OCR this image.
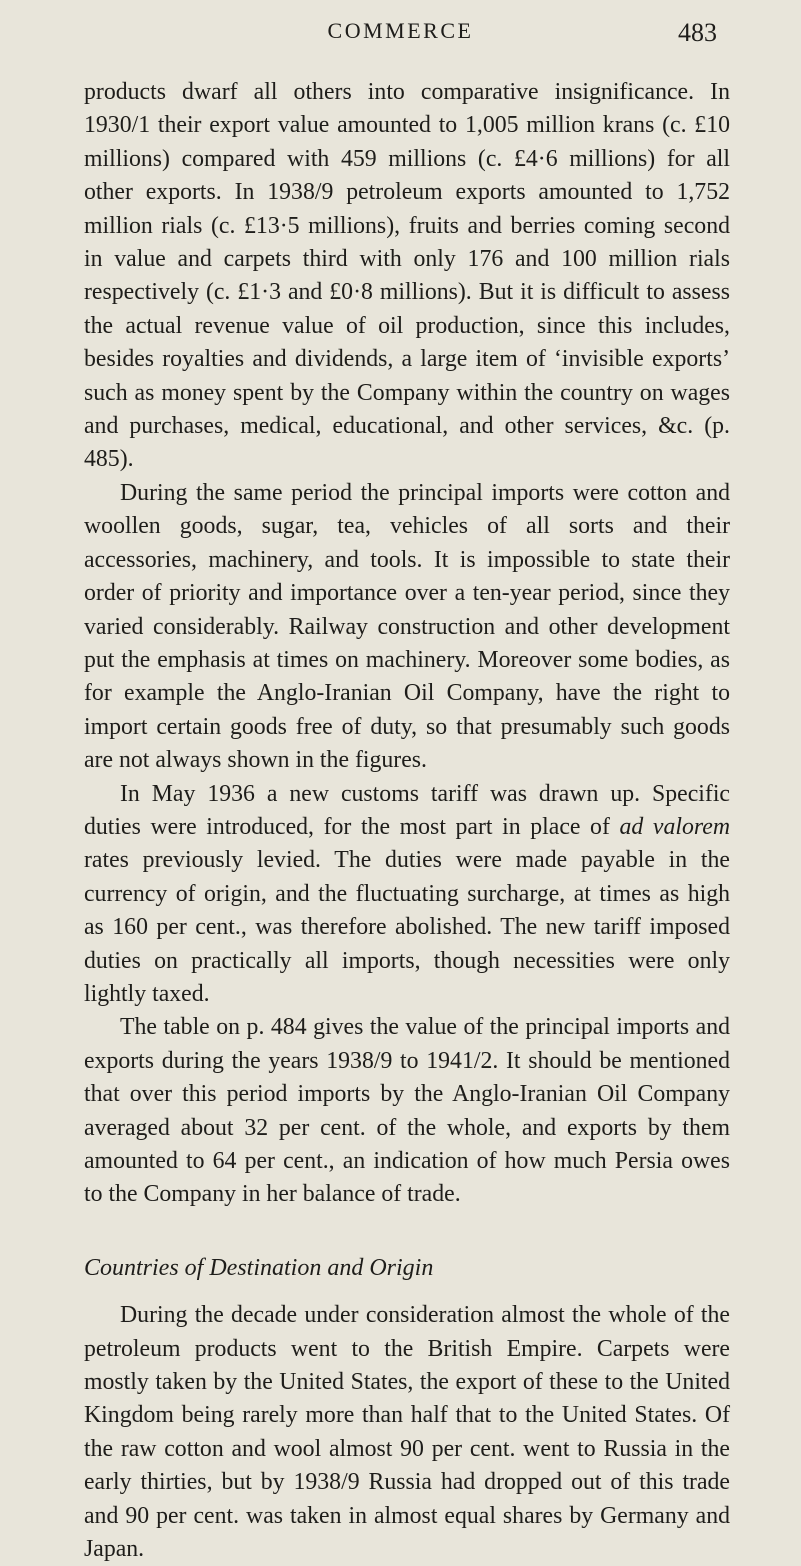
COMMERCE	483

products dwarf all others into comparative insignificance. In 1930/1 their export value amounted to 1,005 million krans (c. £10 millions) compared with 459 millions (c. £4·6 millions) for all other exports. In 1938/9 petroleum exports amounted to 1,752 million rials (c. £13·5 millions), fruits and berries coming second in value and carpets third with only 176 and 100 million rials respectively (c. £1·3 and £0·8 millions). But it is difficult to assess the actual revenue value of oil production, since this includes, besides royalties and dividends, a large item of ‘invisible exports’ such as money spent by the Company within the country on wages and purchases, medical, educational, and other services, &c. (p. 485).

During the same period the principal imports were cotton and woollen goods, sugar, tea, vehicles of all sorts and their accessories, machinery, and tools. It is impossible to state their order of priority and importance over a ten-year period, since they varied considerably. Railway construction and other development put the emphasis at times on machinery. Moreover some bodies, as for example the Anglo-Iranian Oil Company, have the right to import certain goods free of duty, so that presumably such goods are not always shown in the figures.

In May 1936 a new customs tariff was drawn up. Specific duties were introduced, for the most part in place of ad valorem rates previously levied. The duties were made payable in the currency of origin, and the fluctuating surcharge, at times as high as 160 per cent., was therefore abolished. The new tariff imposed duties on practically all imports, though necessities were only lightly taxed.

The table on p. 484 gives the value of the principal imports and exports during the years 1938/9 to 1941/2. It should be mentioned that over this period imports by the Anglo-Iranian Oil Company averaged about 32 per cent. of the whole, and exports by them amounted to 64 per cent., an indication of how much Persia owes to the Company in her balance of trade.

Countries of Destination and Origin

During the decade under consideration almost the whole of the petroleum products went to the British Empire. Carpets were mostly taken by the United States, the export of these to the United Kingdom being rarely more than half that to the United States. Of the raw cotton and wool almost 90 per cent. went to Russia in the early thirties, but by 1938/9 Russia had dropped out of this trade and 90 per cent. was taken in almost equal shares by Germany and Japan.
